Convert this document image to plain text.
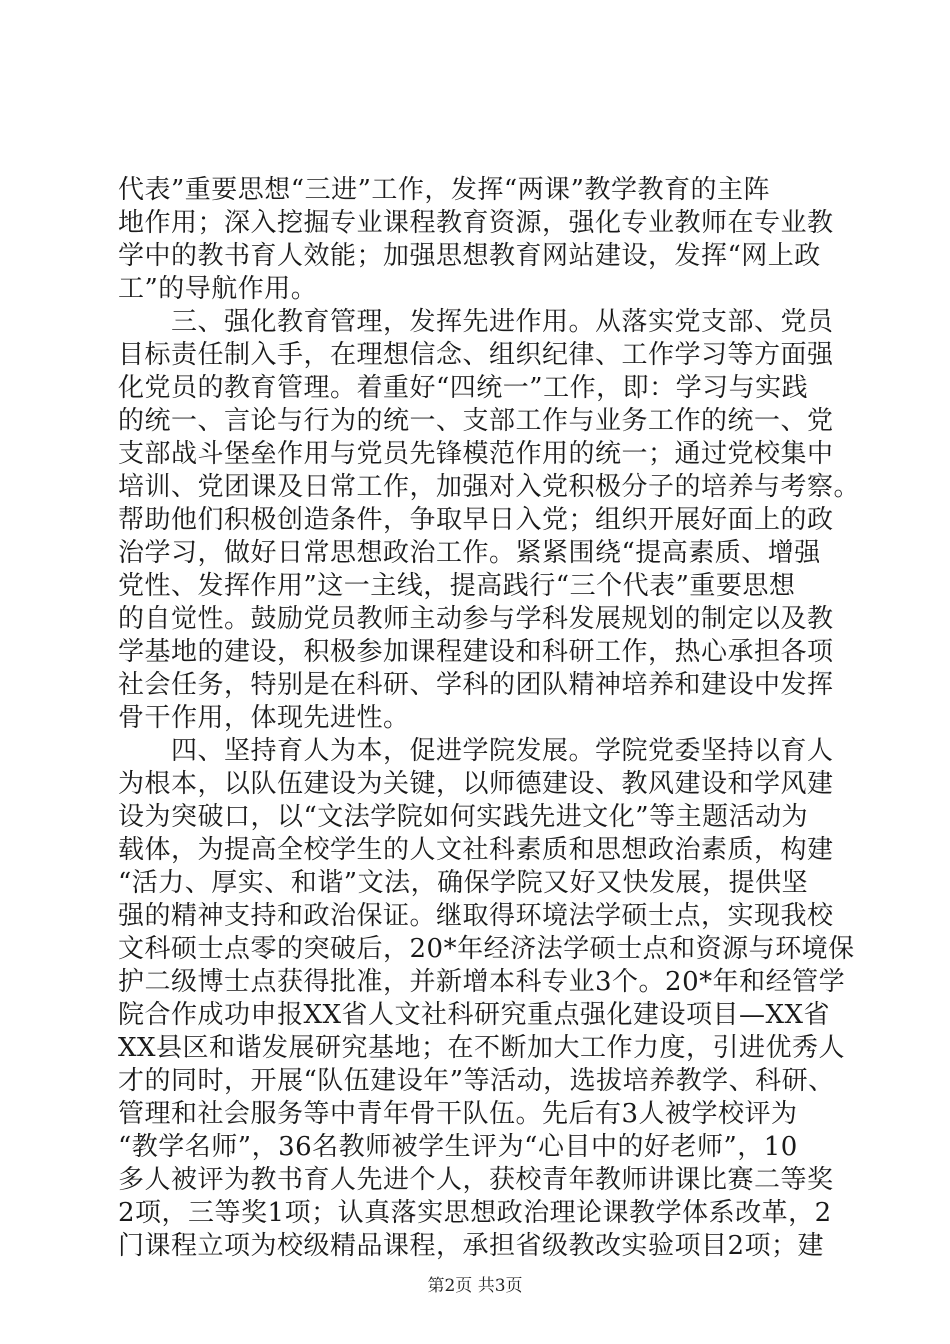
代表”重要思想“三进”工作，发挥“两课”教学教育的主阵
地作用；深入挖掘专业课程教育资源，强化专业教师在专业教
学中的教书育人效能；加强思想教育网站建设，发挥“网上政
工”的导航作用。
　　三、强化教育管理，发挥先进作用。从落实党支部、党员
目标责任制入手，在理想信念、组织纪律、工作学习等方面强
化党员的教育管理。着重好“四统一”工作，即：学习与实践
的统一、言论与行为的统一、支部工作与业务工作的统一、党
支部战斗堡垒作用与党员先锋模范作用的统一；通过党校集中
培训、党团课及日常工作，加强对入党积极分子的培养与考察。
帮助他们积极创造条件，争取早日入党；组织开展好面上的政
治学习，做好日常思想政治工作。紧紧围绕“提高素质、增强
党性、发挥作用”这一主线，提高践行“三个代表”重要思想
的自觉性。鼓励党员教师主动参与学科发展规划的制定以及教
学基地的建设，积极参加课程建设和科研工作，热心承担各项
社会任务，特别是在科研、学科的团队精神培养和建设中发挥
骨干作用，体现先进性。
　　四、坚持育人为本，促进学院发展。学院党委坚持以育人
为根本，以队伍建设为关键，以师德建设、教风建设和学风建
设为突破口，以“文法学院如何实践先进文化”等主题活动为
载体，为提高全校学生的人文社科素质和思想政治素质，构建
“活力、厚实、和谐”文法，确保学院又好又快发展，提供坚
强的精神支持和政治保证。继取得环境法学硕士点，实现我校
文科硕士点零的突破后，20*年经济法学硕士点和资源与环境保
护二级博士点获得批准，并新增本科专业3个。20*年和经管学
院合作成功申报XX省人文社科研究重点强化建设项目—XX省
XX县区和谐发展研究基地；在不断加大工作力度，引进优秀人
才的同时，开展“队伍建设年”等活动，选拔培养教学、科研、
管理和社会服务等中青年骨干队伍。先后有3人被学校评为
“教学名师”，36名教师被学生评为“心目中的好老师”，10
多人被评为教书育人先进个人，获校青年教师讲课比赛二等奖
2项，三等奖1项；认真落实思想政治理论课教学体系改革，2
门课程立项为校级精品课程，承担省级教改实验项目2项；建
第2页 共3页
